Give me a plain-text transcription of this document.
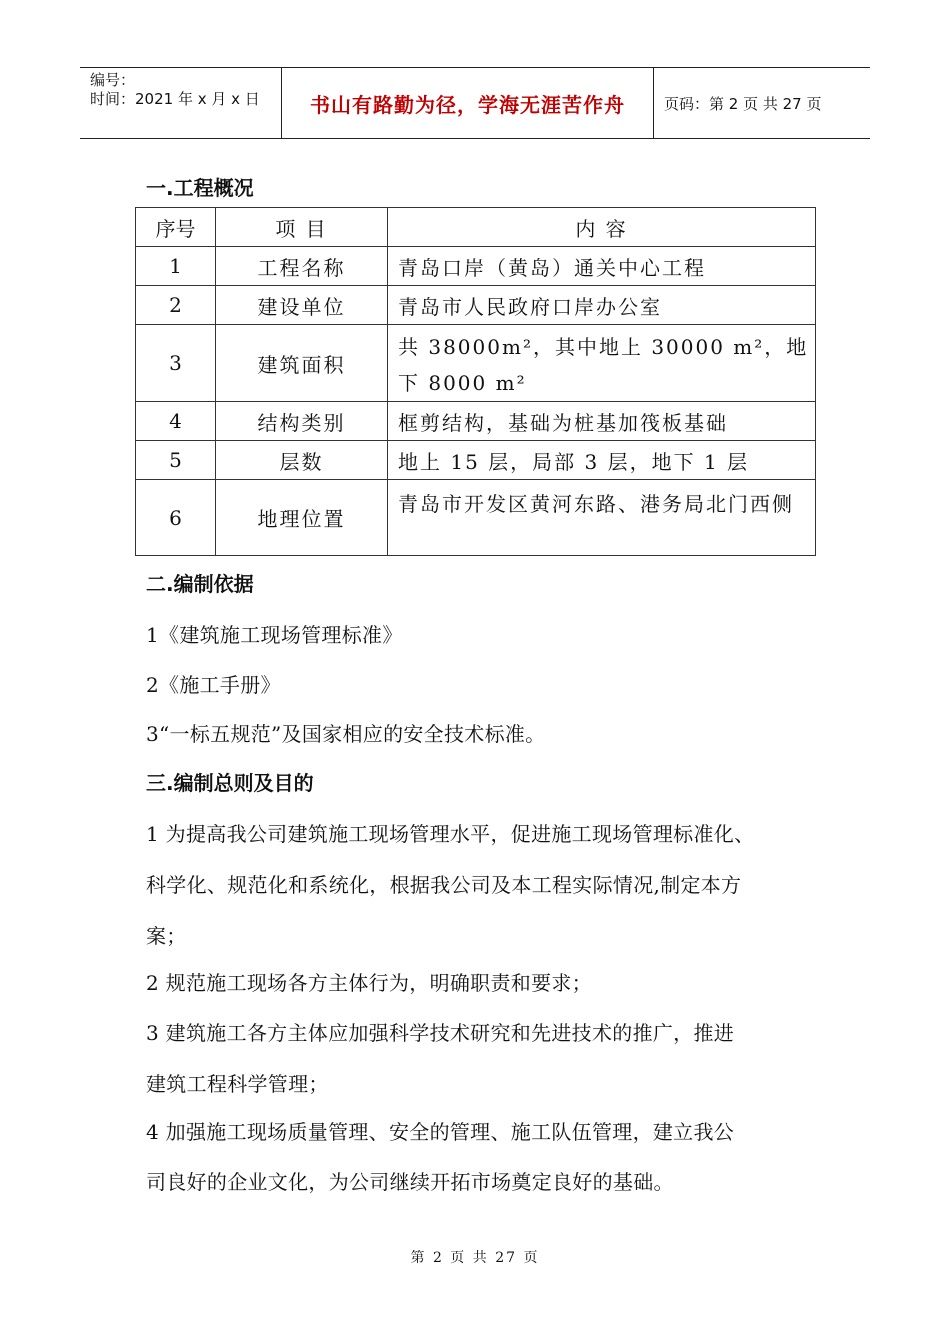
编号：
时间：2021 年 x 月 x 日	书山有路勤为径，学海无涯苦作舟	页码：第 2 页 共 27 页
一.工程概况
序号	项 目	内 容
1	工程名称	青岛口岸（黄岛）通关中心工程
2	建设单位	青岛市人民政府口岸办公室
3	建筑面积	共 38000m²，其中地上 30000 m²，地下 8000 m²

4	结构类别	框剪结构，基础为桩基加筏板基础
5	层数	地上 15 层，局部 3 层，地下 1 层
6	地理位置	青岛市开发区黄河东路、港务局北门西侧
二.编制依据
1《建筑施工现场管理标准》
2《施工手册》
3“一标五规范”及国家相应的安全技术标准。
三.编制总则及目的
1 为提高我公司建筑施工现场管理水平，促进施工现场管理标准化、
科学化、规范化和系统化，根据我公司及本工程实际情况,制定本方
案；
2 规范施工现场各方主体行为，明确职责和要求；
3 建筑施工各方主体应加强科学技术研究和先进技术的推广，推进
建筑工程科学管理；
4 加强施工现场质量管理、安全的管理、施工队伍管理，建立我公
司良好的企业文化，为公司继续开拓市场奠定良好的基础。
第 2 页 共 27 页
